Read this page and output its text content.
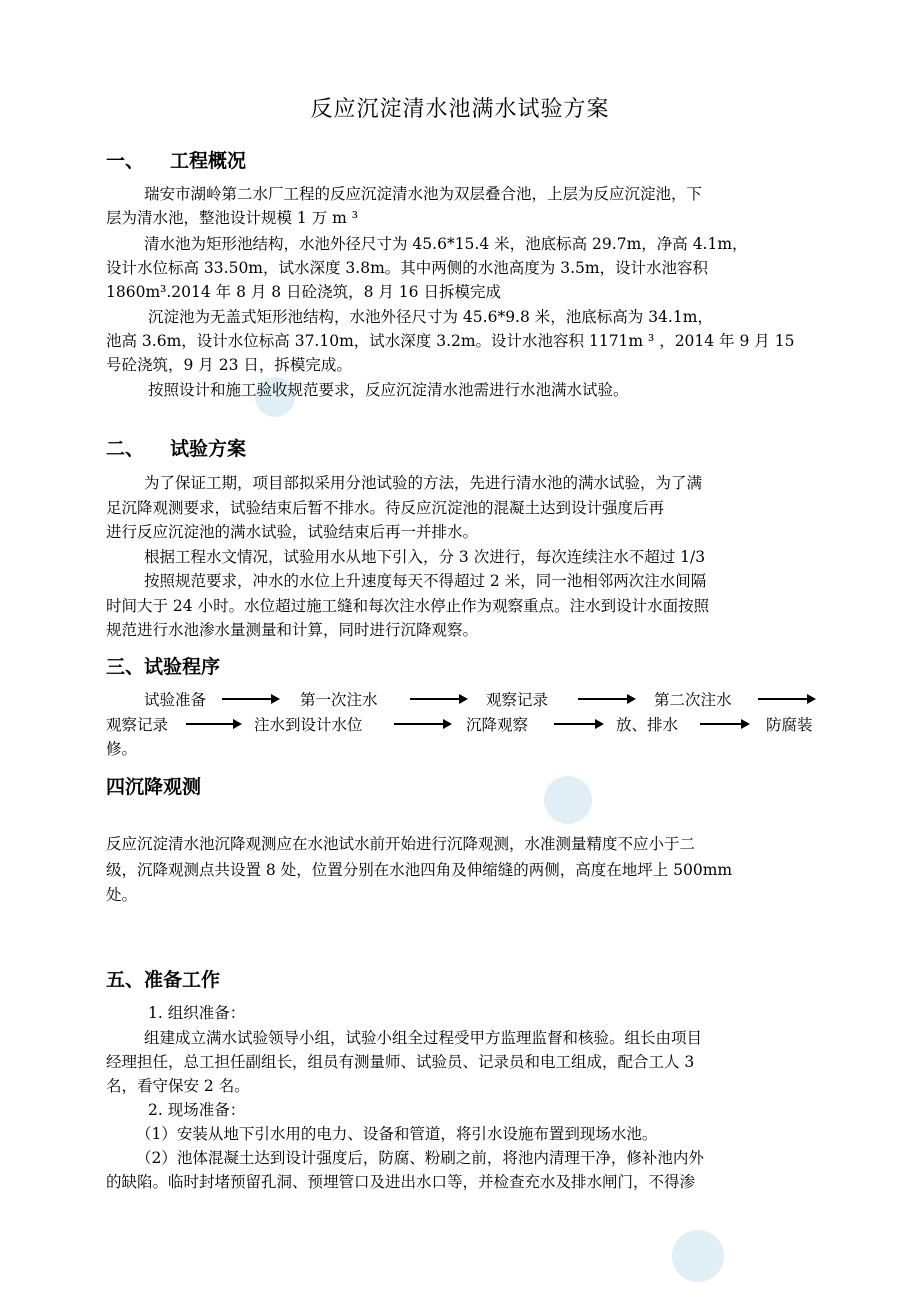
反应沉淀清水池满水试验方案
一、 工程概况
瑞安市湖岭第二水厂工程的反应沉淀清水池为双层叠合池，上层为反应沉淀池，下
层为清水池，整池设计规模 1 万 m ³
清水池为矩形池结构，水池外径尺寸为 45.6*15.4 米，池底标高 29.7m，净高 4.1m，
设计水位标高 33.50m，试水深度 3.8m。其中两侧的水池高度为 3.5m，设计水池容积
1860m³.2014 年 8 月 8 日砼浇筑，8 月 16 日拆模完成
沉淀池为无盖式矩形池结构，水池外径尺寸为 45.6*9.8 米，池底标高为 34.1m，
池高 3.6m，设计水位标高 37.10m，试水深度 3.2m。设计水池容积 1171m ³ ，2014 年 9 月 15
号砼浇筑，9 月 23 日，拆模完成。
按照设计和施工验收规范要求，反应沉淀清水池需进行水池满水试验。
二、 试验方案
为了保证工期，项目部拟采用分池试验的方法，先进行清水池的满水试验，为了满
足沉降观测要求，试验结束后暂不排水。待反应沉淀池的混凝土达到设计强度后再
进行反应沉淀池的满水试验，试验结束后再一并排水。
根据工程水文情况，试验用水从地下引入，分 3 次进行，每次连续注水不超过 1/3
按照规范要求，冲水的水位上升速度每天不得超过 2 米，同一池相邻两次注水间隔
时间大于 24 小时。水位超过施工缝和每次注水停止作为观察重点。注水到设计水面按照
规范进行水池渗水量测量和计算，同时进行沉降观察。
三、试验程序
试验准备	第一次注水	观察记录	第二次注水
观察记录	注水到设计水位	沉降观察	放、排水	防腐装
修。
四沉降观测
反应沉淀清水池沉降观测应在水池试水前开始进行沉降观测，水准测量精度不应小于二
级，沉降观测点共设置 8 处，位置分别在水池四角及伸缩缝的两侧，高度在地坪上 500mm
处。
五、准备工作
1. 组织准备：
组建成立满水试验领导小组，试验小组全过程受甲方监理监督和核验。组长由项目
经理担任，总工担任副组长，组员有测量师、试验员、记录员和电工组成，配合工人 3
名，看守保安 2 名。
2. 现场准备：
（1）安装从地下引水用的电力、设备和管道，将引水设施布置到现场水池。
（2）池体混凝土达到设计强度后，防腐、粉刷之前，将池内清理干净，修补池内外
的缺陷。临时封堵预留孔洞、预埋管口及进出水口等，并检查充水及排水闸门，不得渗
